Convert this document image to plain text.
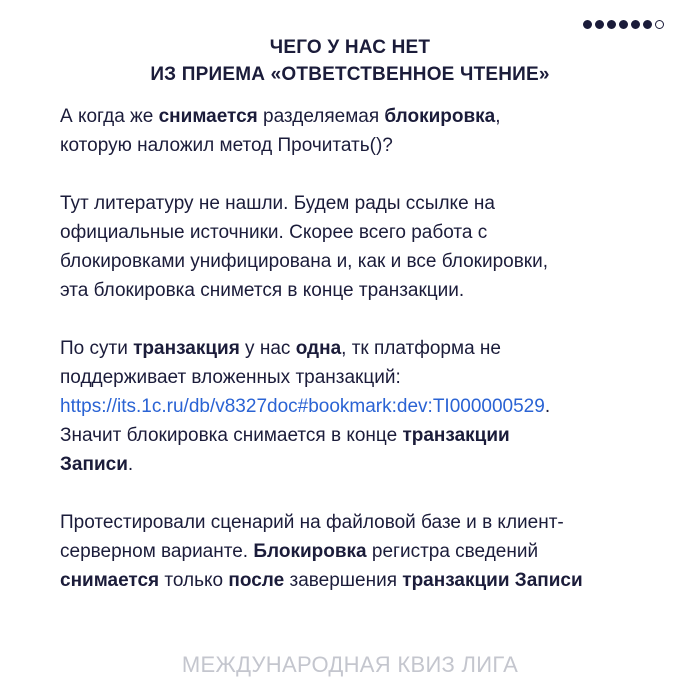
ЧЕГО У НАС НЕТ
ИЗ ПРИЕМА «ОТВЕТСТВЕННОЕ ЧТЕНИЕ»
А когда же снимается разделяемая блокировка,
которую наложил метод Прочитать()?
Тут литературу не нашли. Будем рады ссылке на
официальные источники. Скорее всего работа с
блокировками унифицирована и, как и все блокировки,
эта блокировка снимется в конце транзакции.
По сути транзакция у нас одна, тк платформа не
поддерживает вложенных транзакций:
https://its.1c.ru/db/v8327doc#bookmark:dev:TI000000529.
Значит блокировка снимается в конце транзакции
Записи.
Протестировали сценарий на файловой базе и в клиент-
серверном варианте. Блокировка регистра сведений
снимается только после завершения транзакции Записи
МЕЖДУНАРОДНАЯ КВИЗ ЛИГА
